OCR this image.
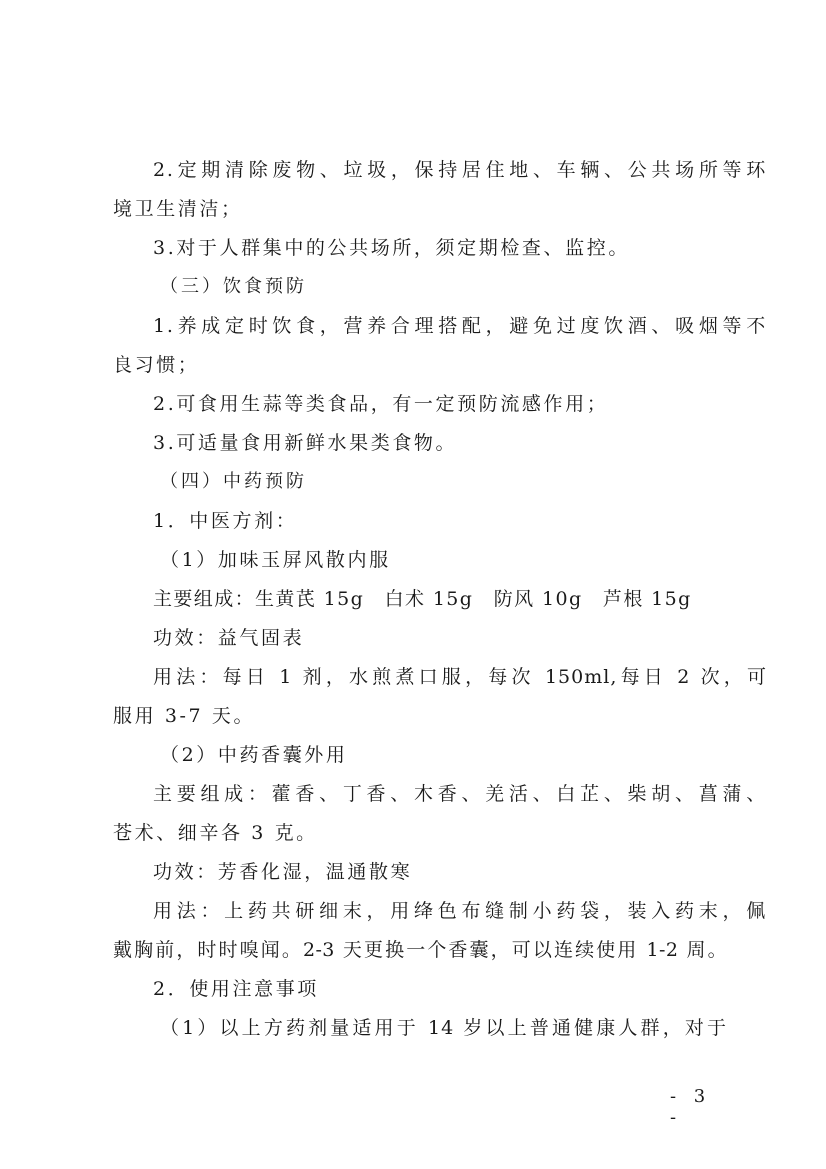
2.定期清除废物、垃圾，保持居住地、车辆、公共场所等环
境卫生清洁；
3.对于人群集中的公共场所，须定期检查、监控。
（三）饮食预防
1.养成定时饮食，营养合理搭配，避免过度饮酒、吸烟等不
良习惯；
2.可食用生蒜等类食品，有一定预防流感作用；
3.可适量食用新鲜水果类食物。
（四）中药预防
1．中医方剂：
（1）加味玉屏风散内服
主要组成：生黄芪 15g　白术 15g　防风 10g　芦根 15g
功效：益气固表
用法：每日 1 剂，水煎煮口服，每次 150ml,每日 2 次，可
服用 3-7 天。
（2）中药香囊外用
主要组成：藿香、丁香、木香、羌活、白芷、柴胡、菖蒲、
苍术、细辛各 3 克。
功效：芳香化湿，温通散寒
用法：上药共研细末，用绛色布缝制小药袋，装入药末，佩
戴胸前，时时嗅闻。2-3 天更换一个香囊，可以连续使用 1-2 周。
2．使用注意事项
（1）以上方药剂量适用于 14 岁以上普通健康人群，对于
- 3 -
